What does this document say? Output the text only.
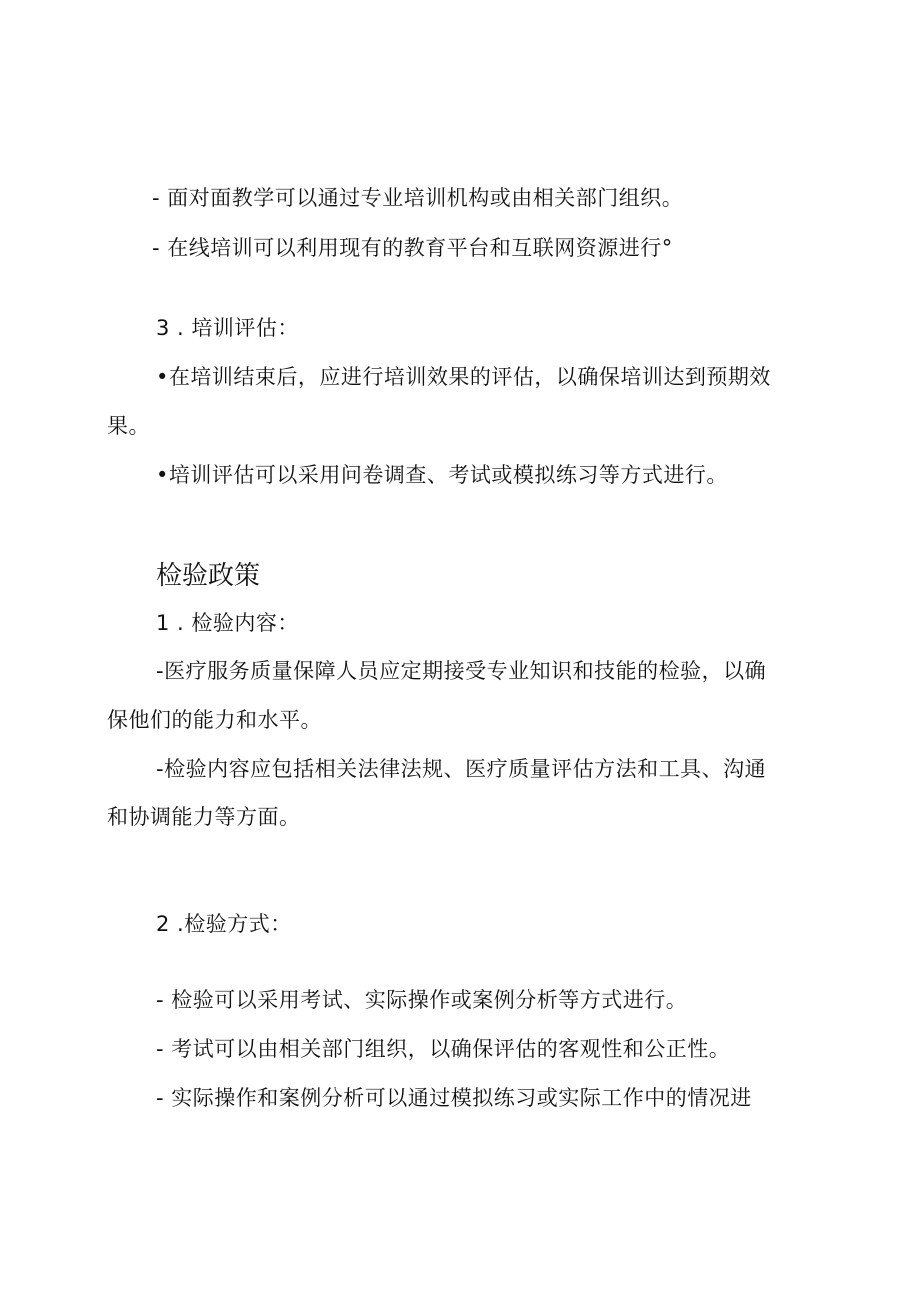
- 面对面教学可以通过专业培训机构或由相关部门组织。
- 在线培训可以利用现有的教育平台和互联网资源进行°
3 . 培训评估：
•在培训结束后，应进行培训效果的评估，以确保培训达到预期效
果。
•培训评估可以采用问卷调查、考试或模拟练习等方式进行。
检验政策
1 . 检验内容：
-医疗服务质量保障人员应定期接受专业知识和技能的检验，以确
保他们的能力和水平。
-检验内容应包括相关法律法规、医疗质量评估方法和工具、沟通
和协调能力等方面。
2 .检验方式：
- 检验可以采用考试、实际操作或案例分析等方式进行。
- 考试可以由相关部门组织，以确保评估的客观性和公正性。
- 实际操作和案例分析可以通过模拟练习或实际工作中的情况进
